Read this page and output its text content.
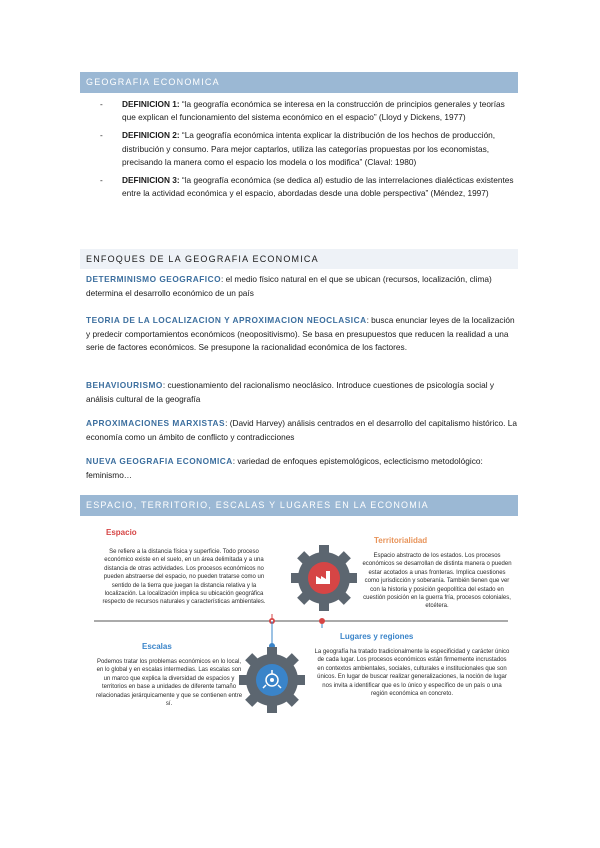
GEOGRAFIA ECONOMICA
- DEFINICION 1: “la geografía económica se interesa en la construcción de principios generales y teorías que explican el funcionamiento del sistema económico en el espacio” (Lloyd y Dickens, 1977)
- DEFINICION 2: “La geografía económica intenta explicar la distribución de los hechos de producción, distribución y consumo. Para mejor captarlos, utiliza las categorías propuestas por los economistas, precisando la manera como el espacio los modela o los modifica” (Claval: 1980)
- DEFINICION 3: “la geografía económica (se dedica al) estudio de las interrelaciones dialécticas existentes entre la actividad económica y el espacio, abordadas desde una doble perspectiva” (Méndez, 1997)
ENFOQUES DE LA GEOGRAFIA ECONOMICA
DETERMINISMO GEOGRAFICO: el medio físico natural en el que se ubican (recursos, localización, clima) determina el desarrollo económico de un país
TEORIA DE LA LOCALIZACION Y APROXIMACION NEOCLASICA: busca enunciar leyes de la localización y predecir comportamientos económicos (neopositivismo). Se basa en presupuestos que reducen la realidad a una serie de factores económicos. Se presupone la racionalidad económica de los factores.
BEHAVIOURISMO: cuestionamiento del racionalismo neoclásico. Introduce cuestiones de psicología social y análisis cultural de la geografía
APROXIMACIONES MARXISTAS: (David Harvey) análisis centrados en el desarrollo del capitalismo histórico. La economía como un ámbito de conflicto y contradicciones
NUEVA GEOGRAFIA ECONOMICA: variedad de enfoques epistemológicos, eclecticismo metodológico: feminismo…
ESPACIO, TERRITORIO, ESCALAS Y LUGARES EN LA ECONOMIA
Espacio
Se refiere a la distancia física y superficie. Todo proceso económico existe en el suelo, en un área delimitada y a una distancia de otras actividades. Los procesos económicos no pueden abstraerse del espacio, no pueden tratarse como un sentido de la tierra que juegan la distancia relativa y la localización. La localización implica su ubicación geográfica respecto de recursos naturales y características ambientales.
Territorialidad
Espacio abstracto de los estados. Los procesos económicos se desarrollan de distinta manera o pueden estar acotados a unas fronteras. Implica cuestiones como jurisdicción y soberanía. También tienen que ver con la historia y posición geopolítica del estado en cuestión posición en la guerra fría, procesos coloniales, etcétera.
Escalas
Podemos tratar los problemas económicos en lo local, en lo global y en escalas intermedias. Las escalas son un marco que explica la diversidad de espacios y territorios en base a unidades de diferente tamaño relacionadas jerárquicamente y que se contienen entre sí.
Lugares y regiones
La geografía ha tratado tradicionalmente la especificidad y carácter único de cada lugar. Los procesos económicos están firmemente incrustados en contextos ambientales, sociales, culturales e institucionales que son únicos. En lugar de buscar realizar generalizaciones, la noción de lugar nos invita a identificar que es lo único y específico de un país o una región económica en concreto.
